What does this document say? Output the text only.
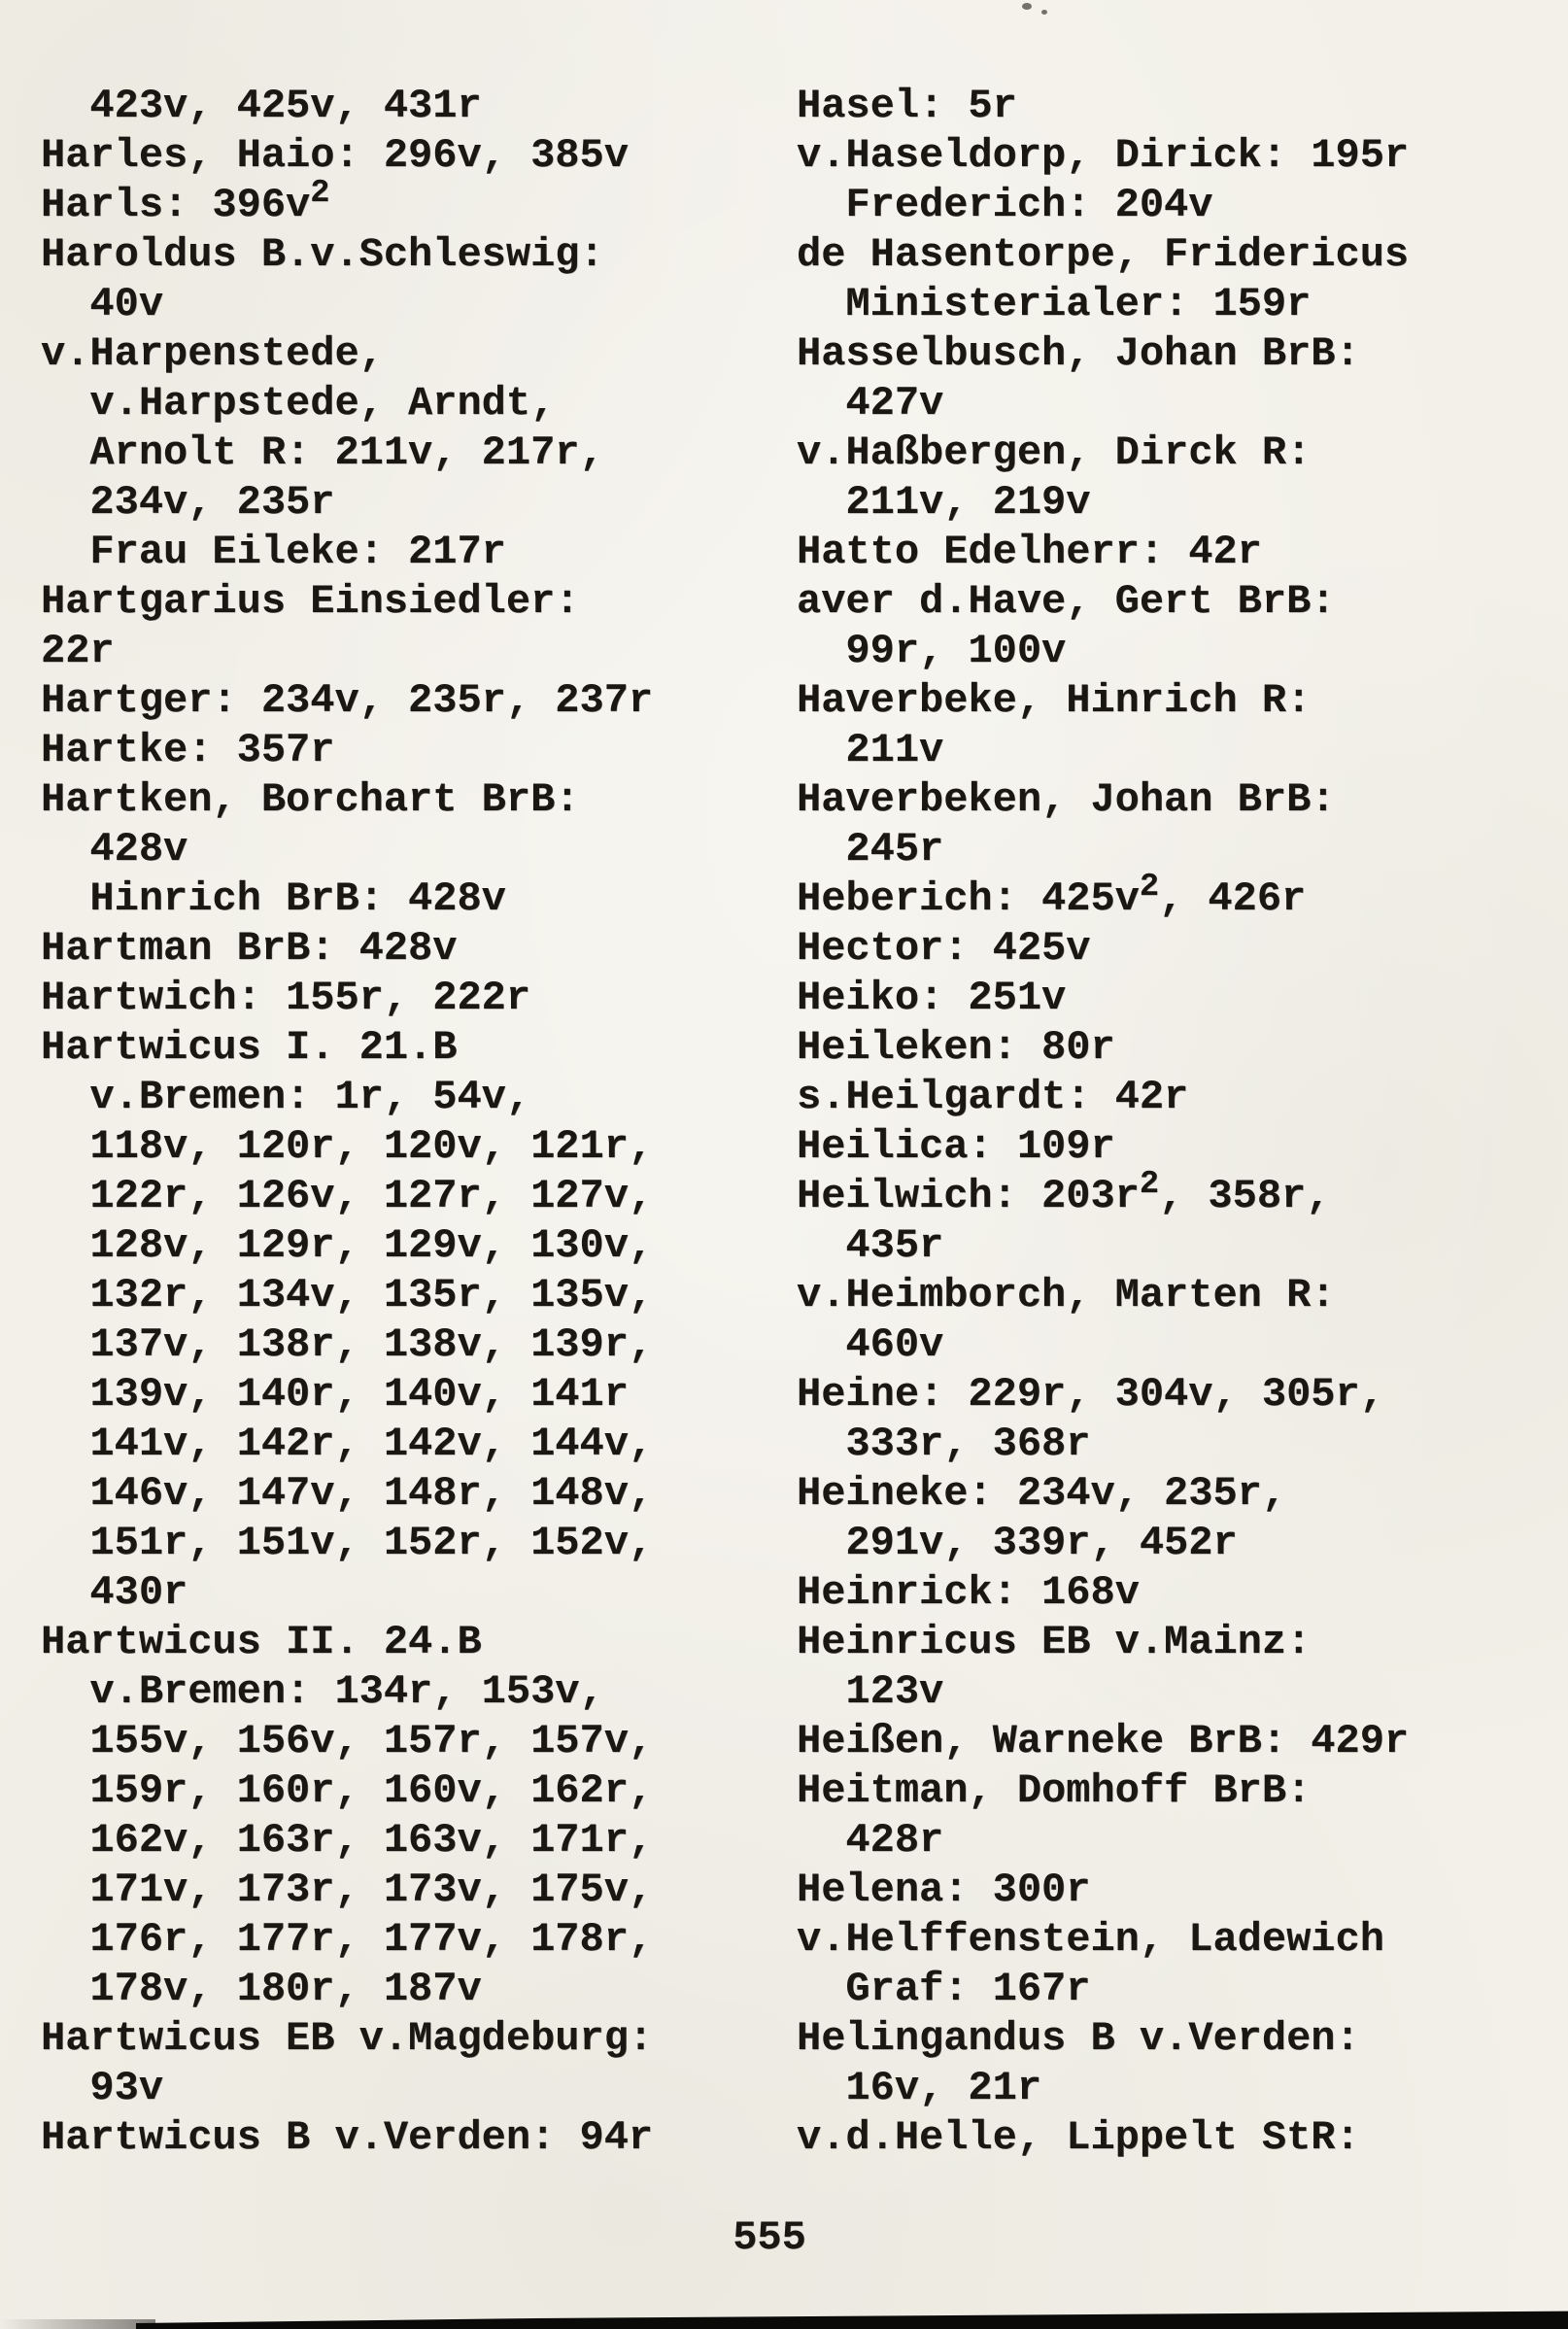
423v, 425v, 431r
Harles, Haio: 296v, 385v
Harls: $396v^2$
Haroldus B.v.Schleswig:
40v
v.Harpenstede,
v.Harpstede, Arndt,
Arnolt R: 211v, 217r,
234v, 235r
Frau Eileke: 217r
Hartgarius Einsiedler:
22r
Hartger: 234v, 235r, 237r
Hartke: 357r
Hartken, Borchart BrB:
428v
Hinrich BrB: 428v
Hartman BrB: 428v
Hartwich: 155r, 222r
Hartwicus I. 21.B
v.Bremen: 1r, 54v,
118v, 120r, 120v, 121r,
122r, 126v, 127r, 127v,
128v, 129r, 129v, 130v,
132r, 134v, 135r, 135v,
137v, 138r, 138v, 139r,
139v, 140r, 140v, 141r
141v, 142r, 142v, 144v,
146v, 147v, 148r, 148v,
151r, 151v, 152r, 152v,
430r
Hartwicus II. 24.B
v.Bremen: 134r, 153v,
155v, 156v, 157r, 157v,
159r, 160r, 160v, 162r,
162v, 163r, 163v, 171r,
171v, 173r, 173v, 175v,
176r, 177r, 177v, 178r,
178v, 180r, 187v
Hartwicus EB v.Magdeburg:
93v
Hartwicus B v.Verden: 94r
Hasel: 5r
v.Haseldorp, Dirick: 195r
Frederich: 204v
de Hasentorpe, Fridericus
Ministerialer: 159r
Hasselbusch, Johan BrB:
427v
v.Haßbergen, Dirck R:
211v, 219v
Hatto Edelherr: 42r
aver d.Have, Gert BrB:
99r, 100v
Haverbeke, Hinrich R:
211v
Haverbeken, Johan BrB:
245r
Heberich: $425v^2$, 426r
Hector: 425v
Heiko: 251v
Heileken: 80r
s.Heilgardt: 42r
Heilica: 109r
Heilwich: $203r^2$, 358r,
435r
v.Heimborch, Marten R:
460v
Heine: 229r, 304v, 305r,
333r, 368r
Heineke: 234v, 235r,
291v, 339r, 452r
Heinrick: 168v
Heinricus EB v.Mainz:
123v
Heißen, Warneke BrB: 429r
Heitman, Domhoff BrB:
428r
Helena: 300r
v.Helffenstein, Ladewich
Graf: 167r
Helingandus B v.Verden:
16v, 21r
v.d.Helle, Lippelt StR:
555
